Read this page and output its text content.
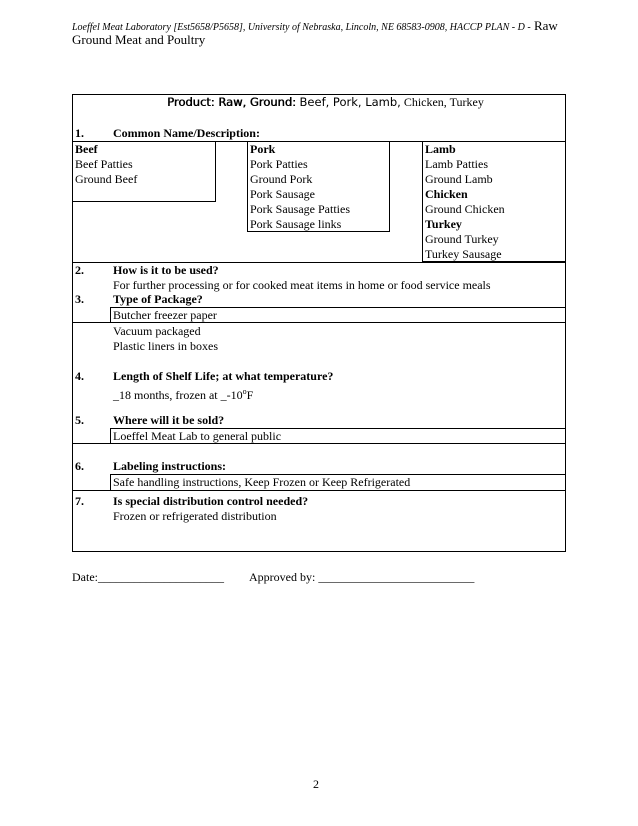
Loeffel Meat Laboratory [Est5658/P5658], University of Nebraska, Lincoln, NE 68583-0908, HACCP PLAN - D - Raw
Ground Meat and Poultry
Product: Raw, Ground: Beef, Pork, Lamb, Chicken, Turkey
1. Common Name/Description:
Beef
Beef Patties
Ground Beef
Pork
Pork Patties
Ground Pork
Pork Sausage
Pork Sausage Patties
Pork Sausage links
Lamb
Lamb Patties
Ground Lamb
Chicken
Ground Chicken
Turkey
Ground Turkey
Turkey Sausage
2. How is it to be used?
For further processing or for cooked meat items in home or food service meals
3. Type of Package?
Butcher freezer paper
Vacuum packaged
Plastic liners in boxes
4. Length of Shelf Life; at what temperature?
_18 months, frozen at _-10$^o$F
5. Where will it be sold?
Loeffel Meat Lab to general public
6. Labeling instructions:
Safe handling instructions, Keep Frozen or Keep Refrigerated
7. Is special distribution control needed?
Frozen or refrigerated distribution
Date:_____________________ Approved by: __________________________
2
